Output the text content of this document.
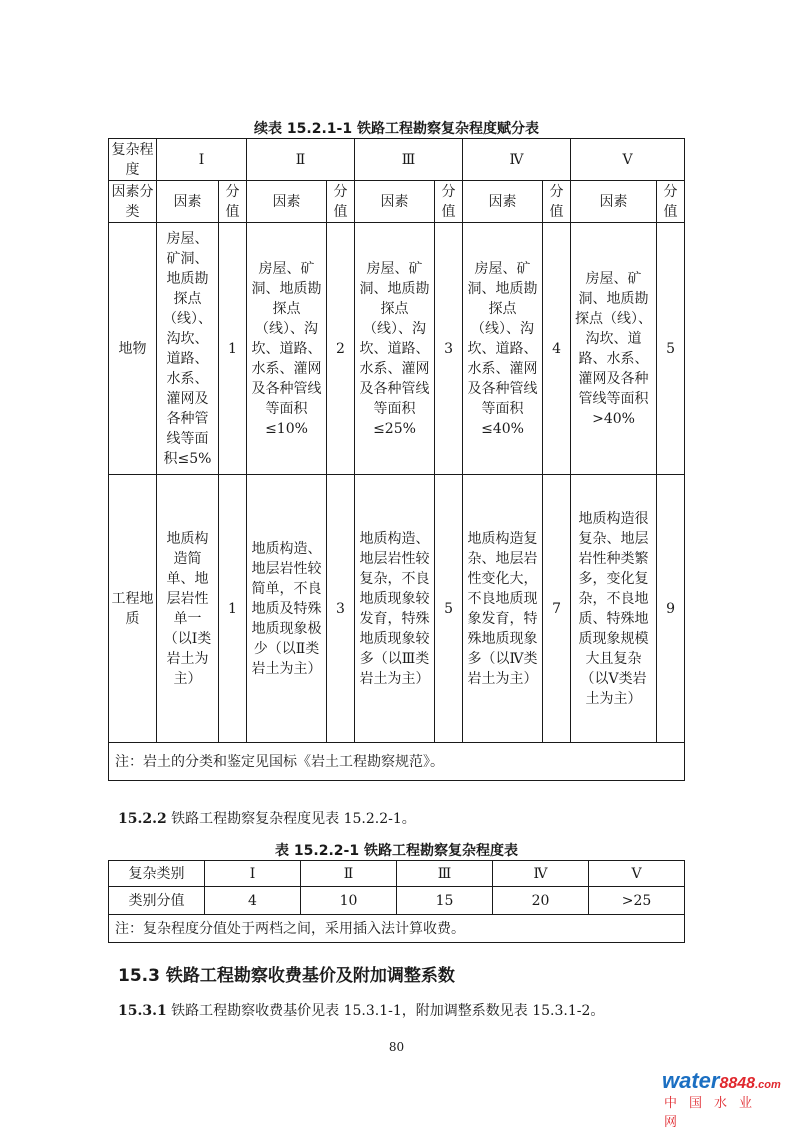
续表 15.2.1-1 铁路工程勘察复杂程度赋分表
复杂程度	Ⅰ		Ⅱ		Ⅲ		Ⅳ		Ⅴ	
因素分类	因素	分值	因素	分值	因素	分值	因素	分值	因素	分值
地物	房屋、矿洞、地质勘探点（线）、沟坎、道路、水系、灌网及各种管线等面积≤5%	1	房屋、矿洞、地质勘探点（线）、沟坎、道路、水系、灌网及各种管线等面积≤10%	2	房屋、矿洞、地质勘探点（线）、沟坎、道路、水系、灌网及各种管线等面积≤25%	3	房屋、矿洞、地质勘探点（线）、沟坎、道路、水系、灌网及各种管线等面积≤40%	4	房屋、矿洞、地质勘探点（线）、沟坎、道路、水系、灌网及各种管线等面积>40%	5
工程地质	地质构造简单、地层岩性单一（以Ⅰ类岩土为主）	1	地质构造、地层岩性较简单，不良地质及特殊地质现象极少（以Ⅱ类岩土为主）	3	地质构造、地层岩性较复杂，不良地质现象较发育，特殊地质现象较多（以Ⅲ类岩土为主）	5	地质构造复杂、地层岩性变化大，不良地质现象发育，特殊地质现象多（以Ⅳ类岩土为主）	7	地质构造很复杂、地层岩性种类繁多，变化复杂，不良地质、特殊地质现象规模大且复杂（以Ⅴ类岩土为主）	9
注：岩土的分类和鉴定见国标《岩土工程勘察规范》。										
15.2.2 铁路工程勘察复杂程度见表 15.2.2-1。
表 15.2.2-1 铁路工程勘察复杂程度表
复杂类别	Ⅰ	Ⅱ	Ⅲ	Ⅳ	Ⅴ
类别分值	4	10	15	20	>25
注：复杂程度分值处于两档之间，采用插入法计算收费。					
15.3 铁路工程勘察收费基价及附加调整系数
15.3.1 铁路工程勘察收费基价见表 15.3.1-1，附加调整系数见表 15.3.1-2。
80
water8848.com
中国水业网
